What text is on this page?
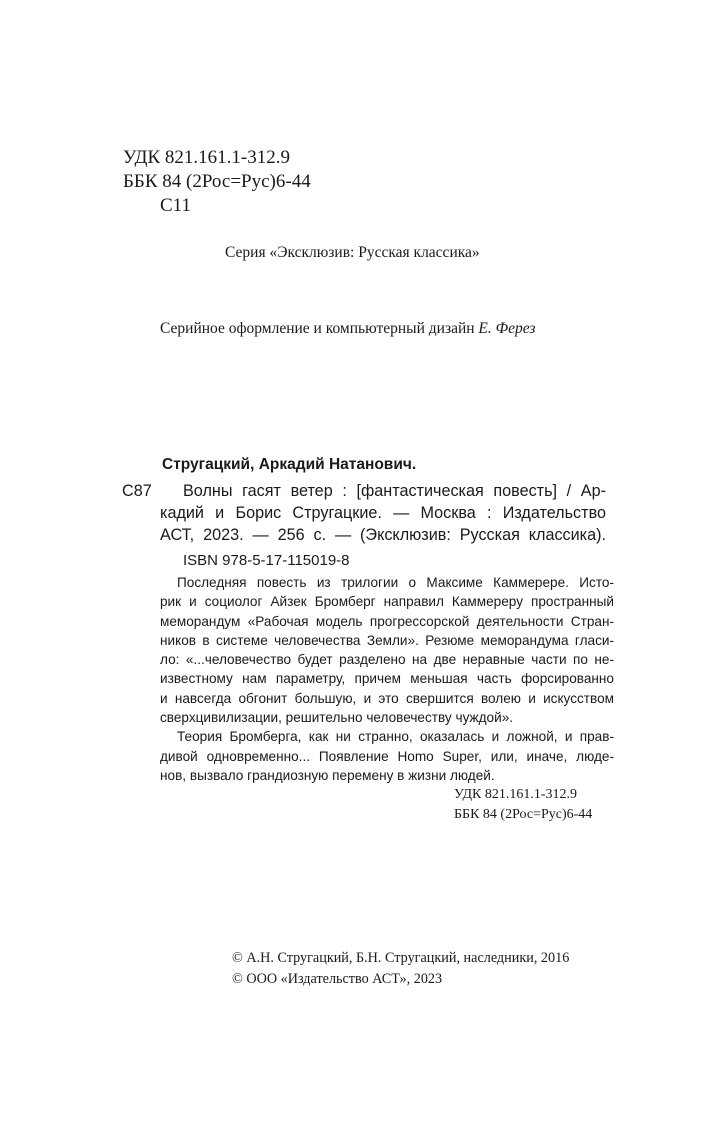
УДК 821.161.1-312.9
ББК 84 (2Рос=Рус)6-44
С11
Серия «Эксклюзив: Русская классика»
Серийное оформление и компьютерный дизайн Е. Ферез
Стругацкий, Аркадий Натанович.
С87 Волны гасят ветер : [фантастическая повесть] / Ар-
кадий и Борис Стругацкие. — Москва : Издательство
АСТ, 2023. — 256 с. — (Эксклюзив: Русская классика).
ISBN 978-5-17-115019-8
Последняя повесть из трилогии о Максиме Каммерере. Исто-
рик и социолог Айзек Бромберг направил Каммереру пространный
меморандум «Рабочая модель прогрессорской деятельности Стран-
ников в системе человечества Земли». Резюме меморандума гласи-
ло: «...человечество будет разделено на две неравные части по не-
известному нам параметру, причем меньшая часть форсированно
и навсегда обгонит большую, и это свершится волею и искусством
сверхцивилизации, решительно человечеству чуждой».
Теория Бромберга, как ни странно, оказалась и ложной, и прав-
дивой одновременно... Появление Homo Super, или, иначе, люде-
нов, вызвало грандиозную перемену в жизни людей.
УДК 821.161.1-312.9
ББК 84 (2Рос=Рус)6-44
© А.Н. Стругацкий, Б.Н. Стругацкий, наследники, 2016
© ООО «Издательство АСТ», 2023
